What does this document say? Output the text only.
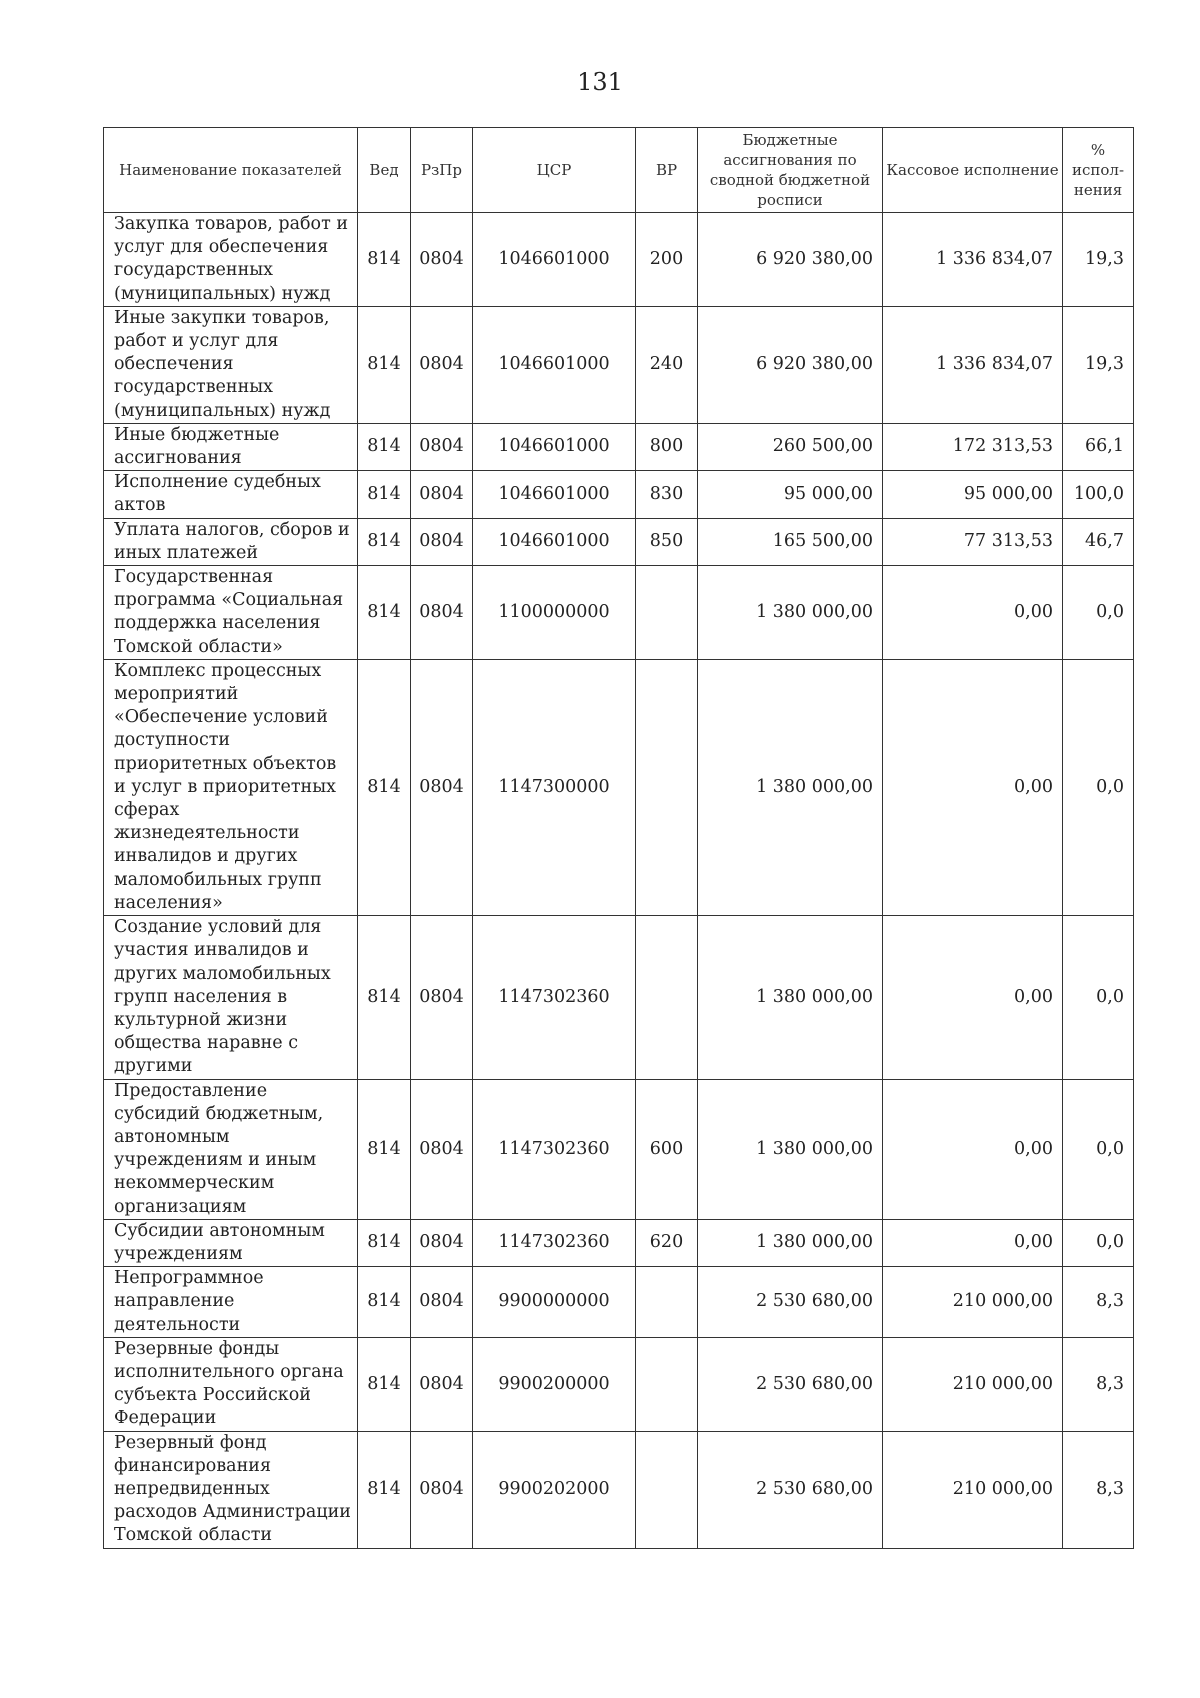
131
Наименование показателей	Вед	РзПр	ЦСР	ВР	Бюджетные ассигнования по сводной бюджетной росписи	Кассовое исполнение	% испол-нения
Закупка товаров, работ и услуг для обеспечения государственных (муниципальных) нужд	814	0804	1046601000	200	6 920 380,00	1 336 834,07	19,3
Иные закупки товаров, работ и услуг для обеспечения государственных (муниципальных) нужд	814	0804	1046601000	240	6 920 380,00	1 336 834,07	19,3
Иные бюджетные ассигнования	814	0804	1046601000	800	260 500,00	172 313,53	66,1
Исполнение судебных актов	814	0804	1046601000	830	95 000,00	95 000,00	100,0
Уплата налогов, сборов и иных платежей	814	0804	1046601000	850	165 500,00	77 313,53	46,7
Государственная программа «Социальная поддержка населения Томской области»	814	0804	1100000000		1 380 000,00	0,00	0,0
Комплекс процессных мероприятий «Обеспечение условий доступности приоритетных объектов и услуг в приоритетных сферах жизнедеятельности инвалидов и других маломобильных групп населения»	814	0804	1147300000		1 380 000,00	0,00	0,0
Создание условий для участия инвалидов и других маломобильных групп населения в культурной жизни общества наравне с другими	814	0804	1147302360		1 380 000,00	0,00	0,0
Предоставление субсидий бюджетным, автономным учреждениям и иным некоммерческим организациям	814	0804	1147302360	600	1 380 000,00	0,00	0,0
Субсидии автономным учреждениям	814	0804	1147302360	620	1 380 000,00	0,00	0,0
Непрограммное направление деятельности	814	0804	9900000000		2 530 680,00	210 000,00	8,3
Резервные фонды исполнительного органа субъекта Российской Федерации	814	0804	9900200000		2 530 680,00	210 000,00	8,3
Резервный фонд финансирования непредвиденных расходов Администрации Томской области	814	0804	9900202000		2 530 680,00	210 000,00	8,3
